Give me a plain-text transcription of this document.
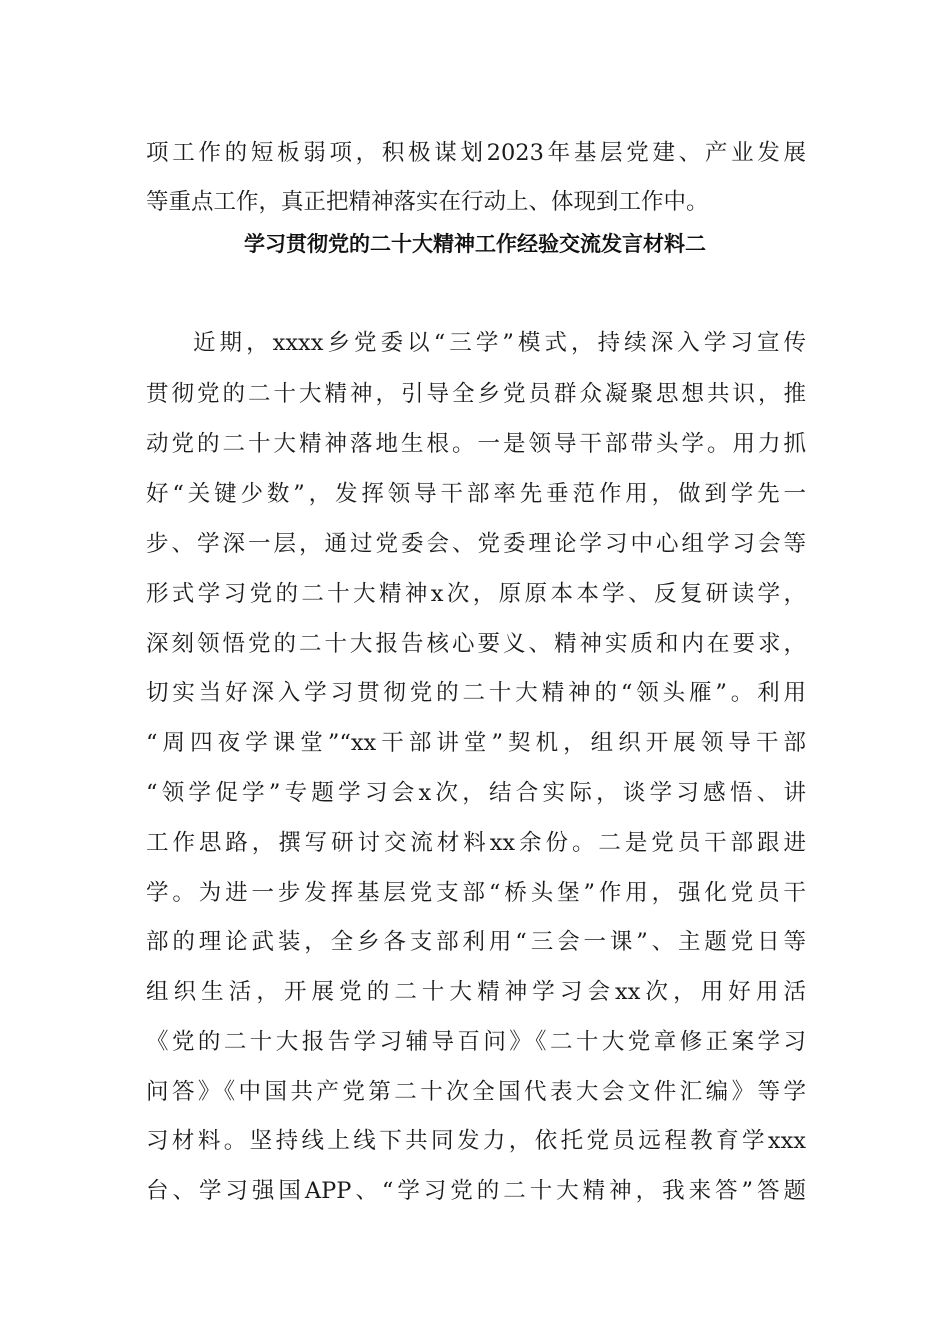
项工作的短板弱项，积极谋划2023年基层党建、产业发展
等重点工作，真正把精神落实在行动上、体现到工作中。
学习贯彻党的二十大精神工作经验交流发言材料二
近期，xxxx乡党委以“三学”模式，持续深入学习宣传
贯彻党的二十大精神，引导全乡党员群众凝聚思想共识，推
动党的二十大精神落地生根。一是领导干部带头学。用力抓
好“关键少数”，发挥领导干部率先垂范作用，做到学先一
步、学深一层，通过党委会、党委理论学习中心组学习会等
形式学习党的二十大精神x次，原原本本学、反复研读学，
深刻领悟党的二十大报告核心要义、精神实质和内在要求，
切实当好深入学习贯彻党的二十大精神的“领头雁”。利用
“周四夜学课堂”“xx干部讲堂”契机，组织开展领导干部
“领学促学”专题学习会x次，结合实际，谈学习感悟、讲
工作思路，撰写研讨交流材料xx余份。二是党员干部跟进
学。为进一步发挥基层党支部“桥头堡”作用，强化党员干
部的理论武装，全乡各支部利用“三会一课”、主题党日等
组织生活，开展党的二十大精神学习会xx次，用好用活
《党的二十大报告学习辅导百问》《二十大党章修正案学习
问答》《中国共产党第二十次全国代表大会文件汇编》等学
习材料。坚持线上线下共同发力，依托党员远程教育学xxx
台、学习强国APP、“学习党的二十大精神，我来答”答题
